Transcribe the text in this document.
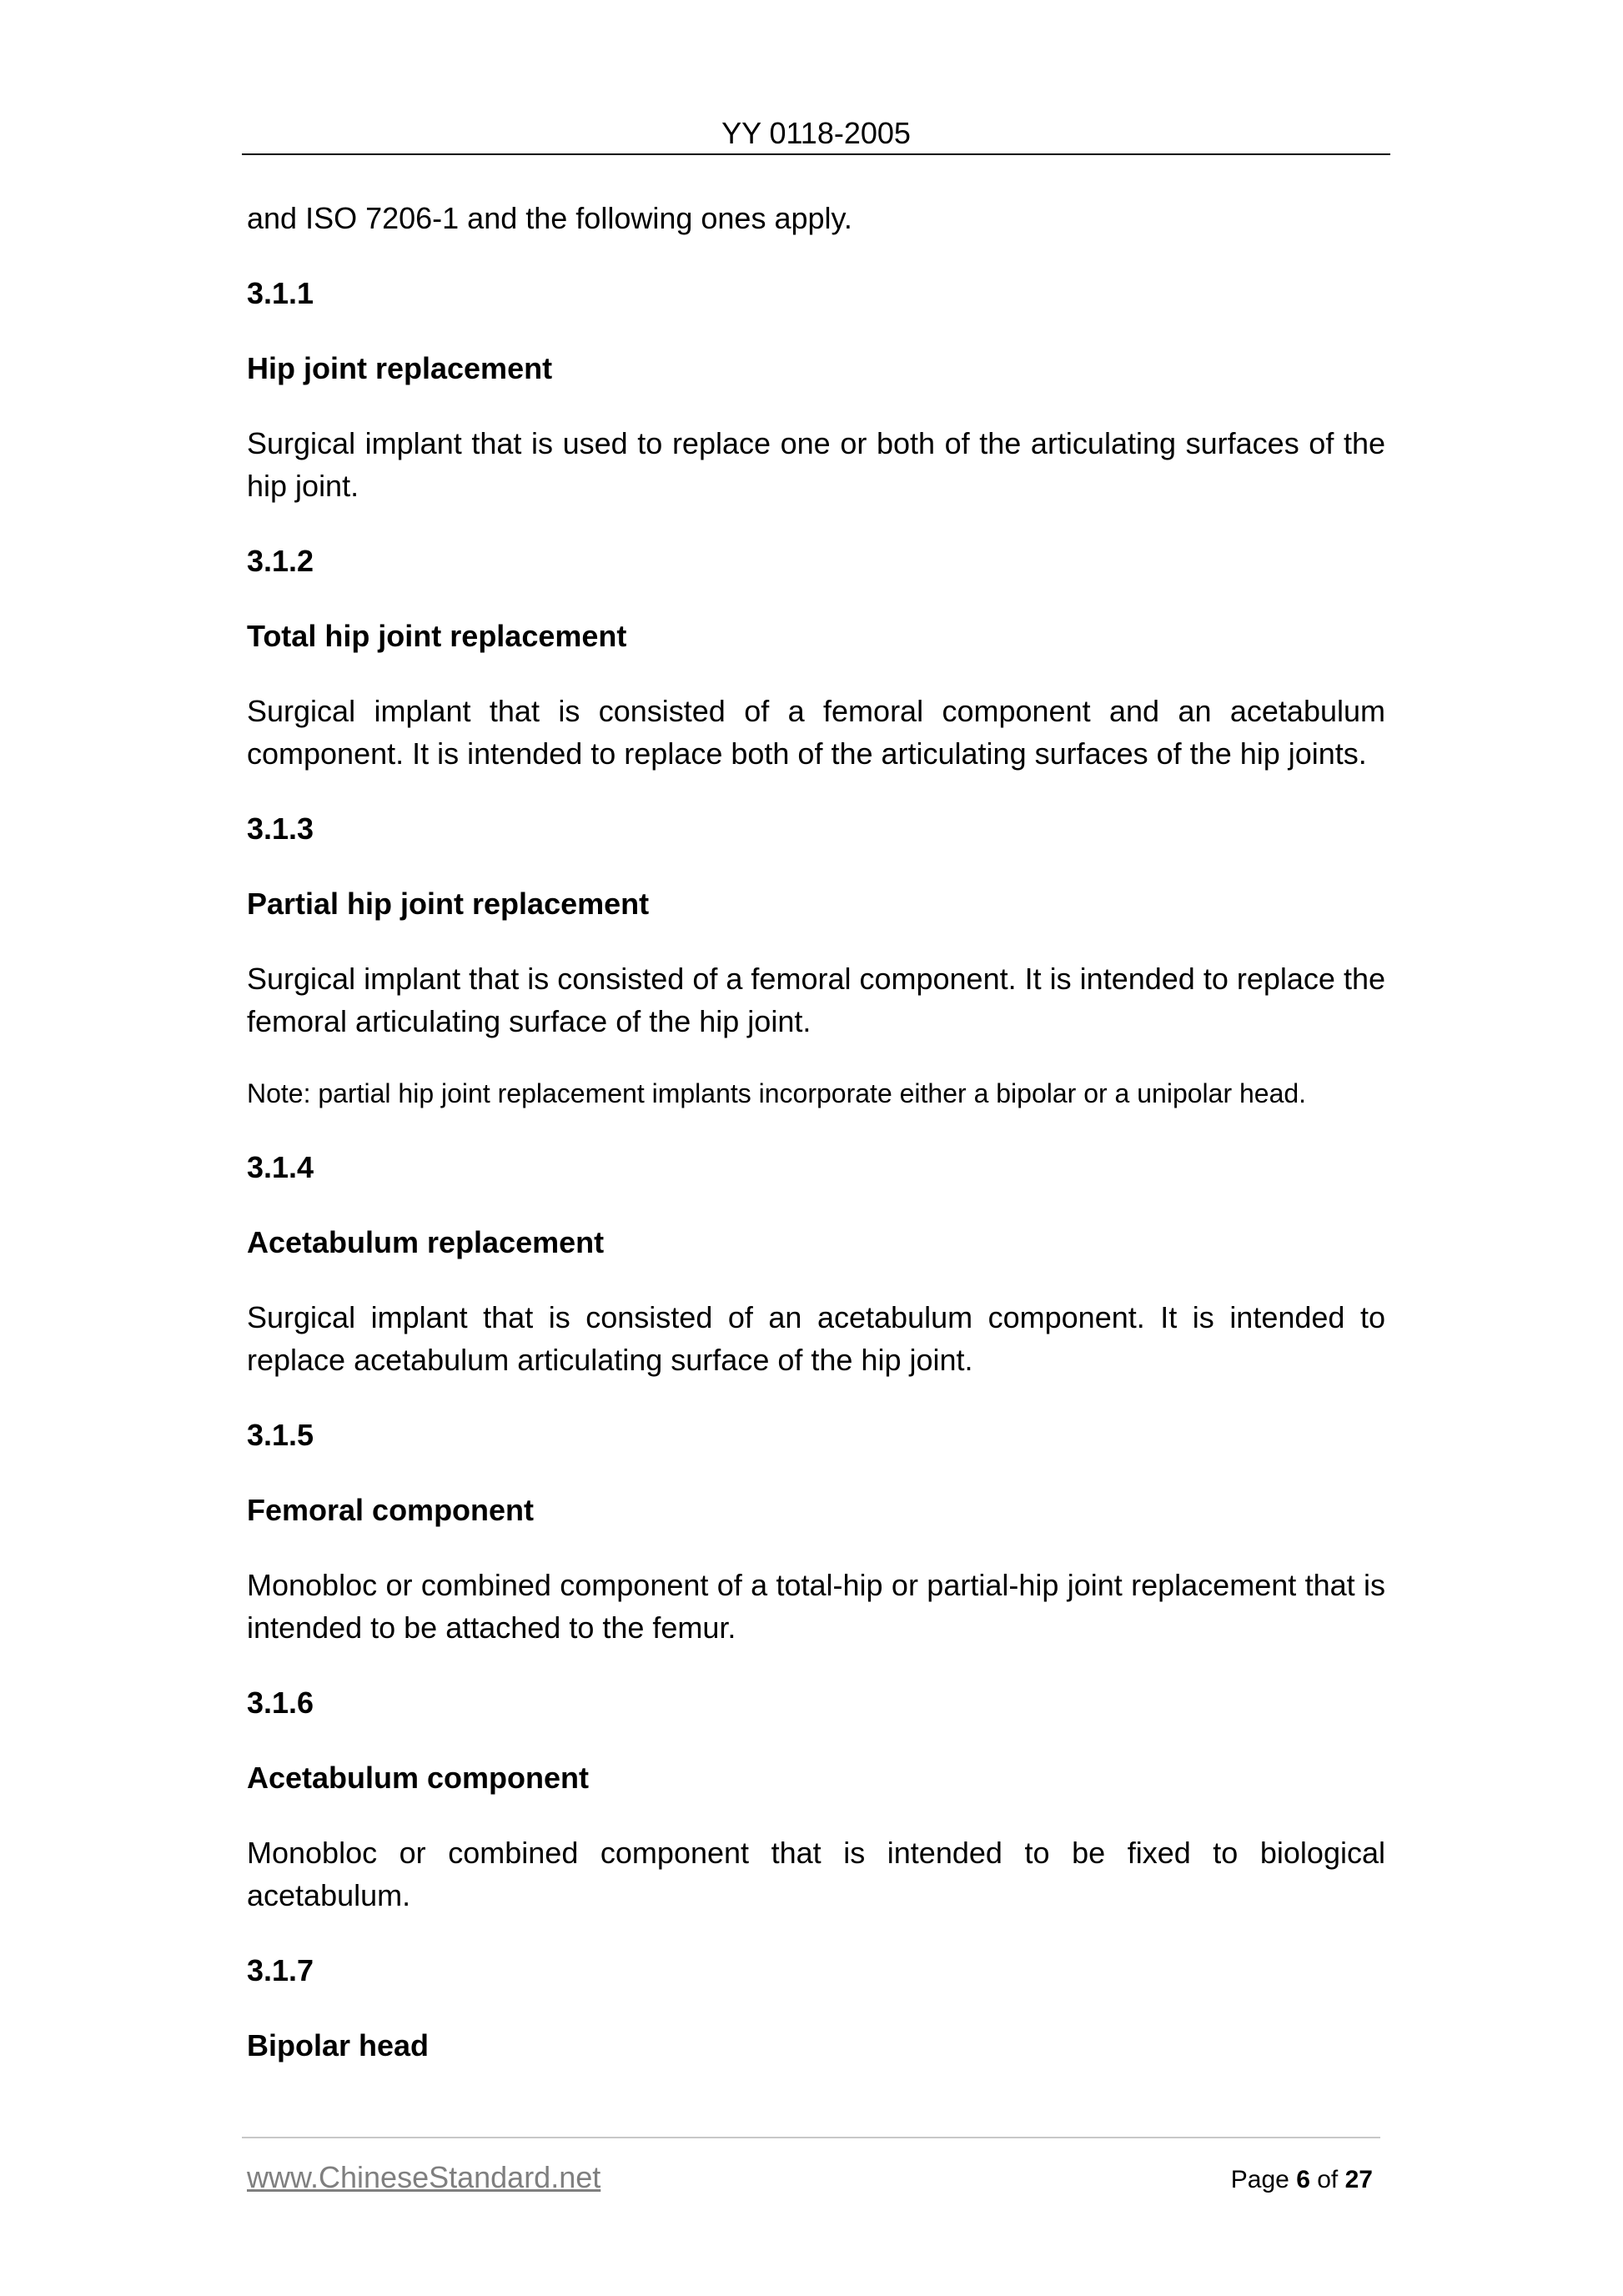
YY 0118-2005

and ISO 7206-1 and the following ones apply.

3.1.1
Hip joint replacement

Surgical implant that is used to replace one or both of the articulating surfaces of the hip joint.

3.1.2
Total hip joint replacement

Surgical implant that is consisted of a femoral component and an acetabulum component. It is intended to replace both of the articulating surfaces of the hip joints.

3.1.3
Partial hip joint replacement

Surgical implant that is consisted of a femoral component. It is intended to replace the femoral articulating surface of the hip joint.

Note: partial hip joint replacement implants incorporate either a bipolar or a unipolar head.

3.1.4
Acetabulum replacement

Surgical implant that is consisted of an acetabulum component. It is intended to replace acetabulum articulating surface of the hip joint.

3.1.5
Femoral component

Monobloc or combined component of a total-hip or partial-hip joint replacement that is intended to be attached to the femur.

3.1.6
Acetabulum component

Monobloc or combined component that is intended to be fixed to biological acetabulum.

3.1.7
Bipolar head
www.ChineseStandard.net	Page 6 of 27
